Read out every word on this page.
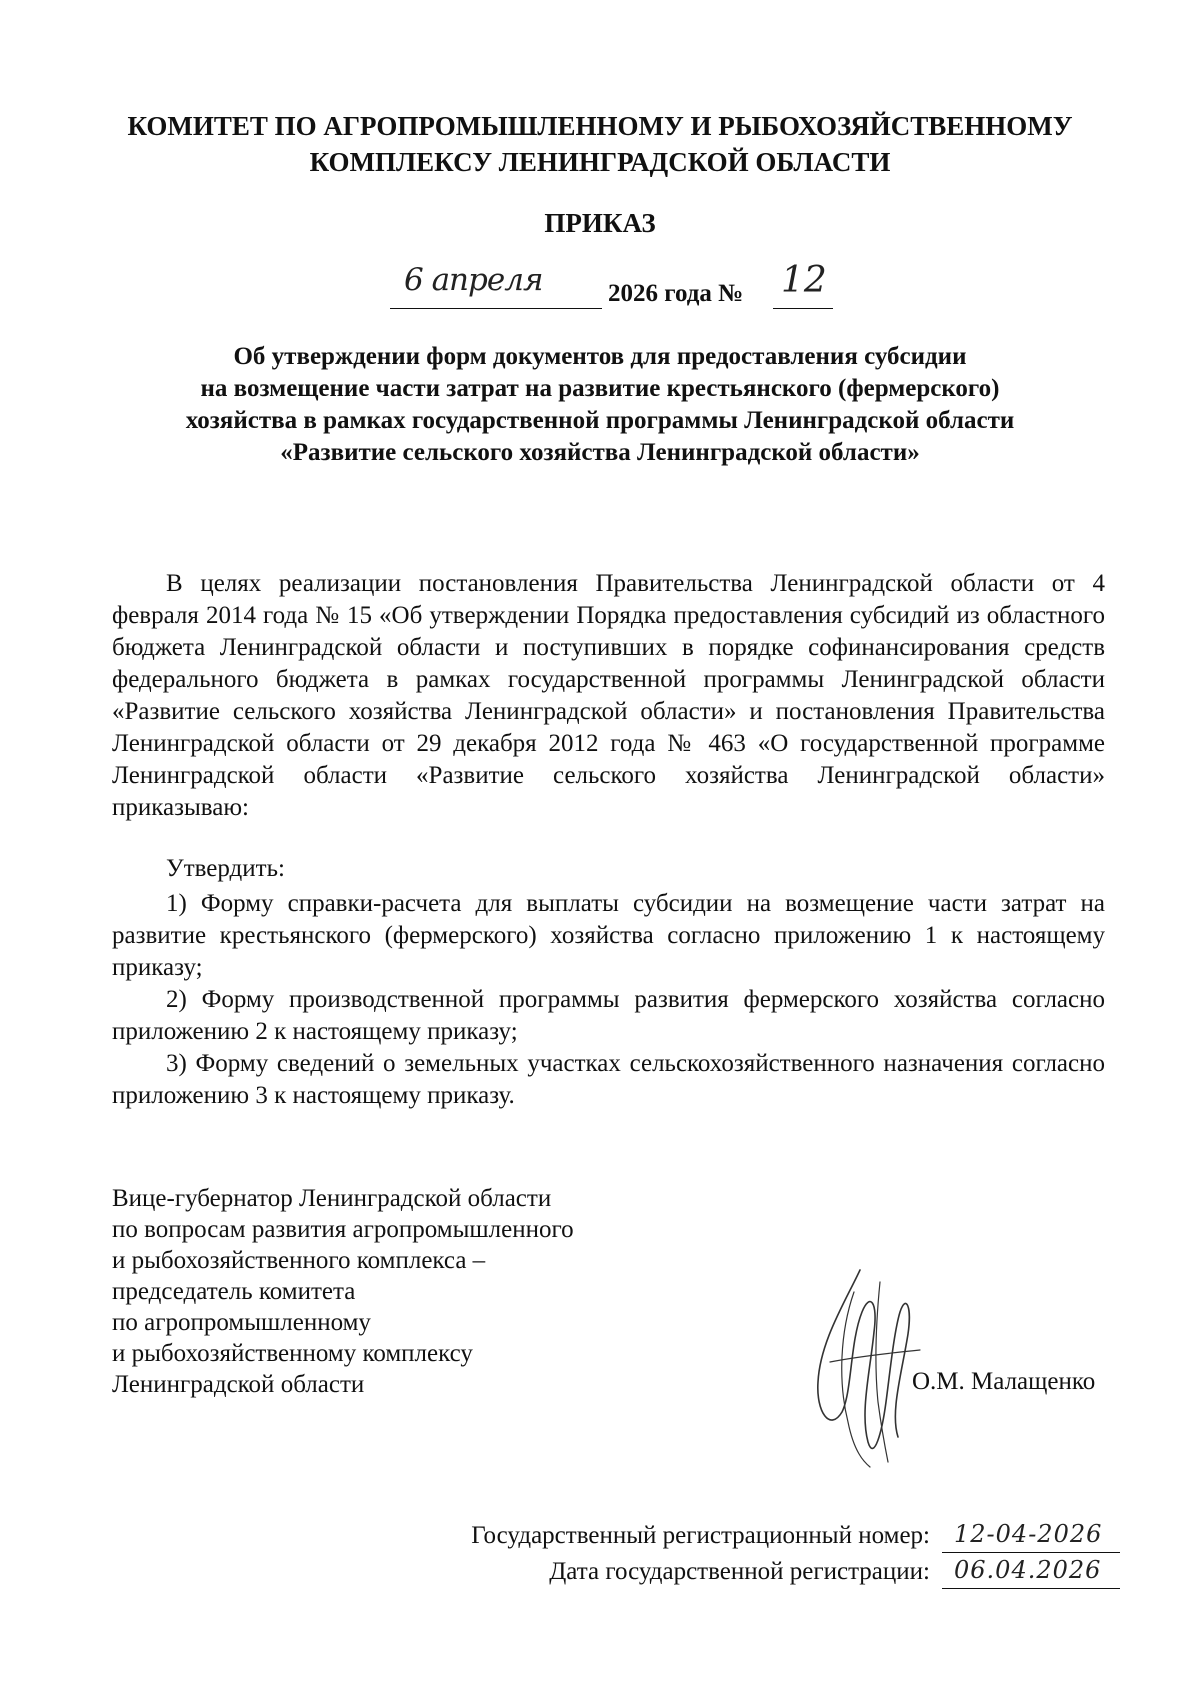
КОМИТЕТ ПО АГРОПРОМЫШЛЕННОМУ И РЫБОХОЗЯЙСТВЕННОМУ
КОМПЛЕКСУ ЛЕНИНГРАДСКОЙ ОБЛАСТИ
ПРИКАЗ
6 апреля	2026 года № 12
Об утверждении форм документов для предоставления субсидии
на возмещение части затрат на развитие крестьянского (фермерского)
хозяйства в рамках государственной программы Ленинградской области
«Развитие сельского хозяйства Ленинградской области»
В целях реализации постановления Правительства Ленинградской области от 4 февраля 2014 года № 15 «Об утверждении Порядка предоставления субсидий из областного бюджета Ленинградской области и поступивших в порядке софинансирования средств федерального бюджета в рамках государственной программы Ленинградской области «Развитие сельского хозяйства Ленинградской области» и постановления Правительства Ленинградской области от 29 декабря 2012 года № 463 «О государственной программе Ленинградской области «Развитие сельского хозяйства Ленинградской области» приказываю:
Утвердить:

1) Форму справки-расчета для выплаты субсидии на возмещение части затрат на развитие крестьянского (фермерского) хозяйства согласно приложению 1 к настоящему приказу;

2) Форму производственной программы развития фермерского хозяйства согласно приложению 2 к настоящему приказу;

3) Форму сведений о земельных участках сельскохозяйственного назначения согласно приложению 3 к настоящему приказу.

Вице-губернатор Ленинградской области
по вопросам развития агропромышленного
и рыбохозяйственного комплекса –
председатель комитета
по агропромышленному
и рыбохозяйственному комплексу
Ленинградской области	О.М. Малащенко
Государственный регистрационный номер: 12-04-2026
Дата государственной регистрации: 06.04.2026
